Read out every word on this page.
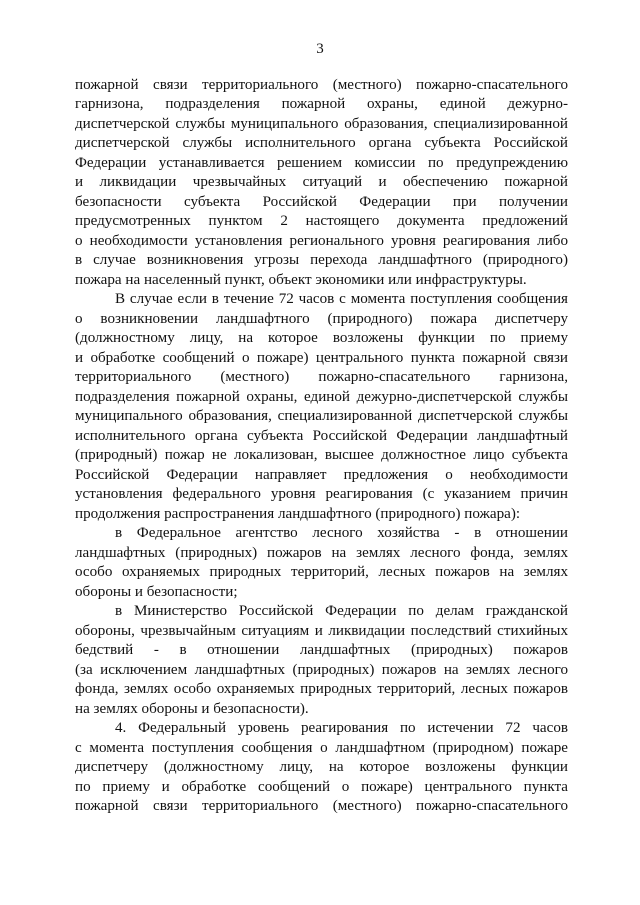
3
пожарной связи территориального (местного) пожарно-спасательного
гарнизона, подразделения пожарной охраны, единой дежурно-
диспетчерской службы муниципального образования, специализированной
диспетчерской службы исполнительного органа субъекта Российской
Федерации устанавливается решением комиссии по предупреждению
и ликвидации чрезвычайных ситуаций и обеспечению пожарной
безопасности субъекта Российской Федерации при получении
предусмотренных пунктом 2 настоящего документа предложений
о необходимости установления регионального уровня реагирования либо
в случае возникновения угрозы перехода ландшафтного (природного)
пожара на населенный пункт, объект экономики или инфраструктуры.
В случае если в течение 72 часов с момента поступления сообщения
о возникновении ландшафтного (природного) пожара диспетчеру
(должностному лицу, на которое возложены функции по приему
и обработке сообщений о пожаре) центрального пункта пожарной связи
территориального (местного) пожарно-спасательного гарнизона,
подразделения пожарной охраны, единой дежурно-диспетчерской службы
муниципального образования, специализированной диспетчерской службы
исполнительного органа субъекта Российской Федерации ландшафтный
(природный) пожар не локализован, высшее должностное лицо субъекта
Российской Федерации направляет предложения о необходимости
установления федерального уровня реагирования (с указанием причин
продолжения распространения ландшафтного (природного) пожара):
в Федеральное агентство лесного хозяйства - в отношении
ландшафтных (природных) пожаров на землях лесного фонда, землях
особо охраняемых природных территорий, лесных пожаров на землях
обороны и безопасности;
в Министерство Российской Федерации по делам гражданской
обороны, чрезвычайным ситуациям и ликвидации последствий стихийных
бедствий - в отношении ландшафтных (природных) пожаров
(за исключением ландшафтных (природных) пожаров на землях лесного
фонда, землях особо охраняемых природных территорий, лесных пожаров
на землях обороны и безопасности).
4. Федеральный уровень реагирования по истечении 72 часов
с момента поступления сообщения о ландшафтном (природном) пожаре
диспетчеру (должностному лицу, на которое возложены функции
по приему и обработке сообщений о пожаре) центрального пункта
пожарной связи территориального (местного) пожарно-спасательного
